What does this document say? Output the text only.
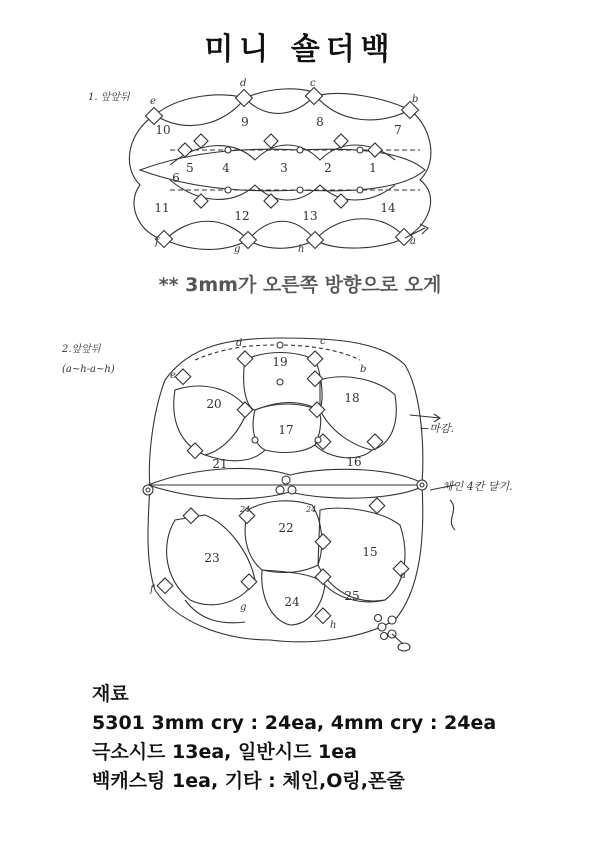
미니 숄더백
1. 앞앞뒤 e
d	c
b
f
g	h
a
1
2
3
4
5
6
7
8
9
10
11
12	13
14
2.앞앞뒤
(a~h-a~h)
d	c
e
b
f
g
h
a
15
16
17
18
19
20
21
22
23
24	25
←마감.
체인 4칸 달기.
24	24
** 3mm가 오른쪽 방향으로 오게
재료
5301 3mm cry : 24ea, 4mm cry : 24ea
극소시드 13ea, 일반시드 1ea
백캐스팅 1ea, 기타 : 체인,O링,폰줄
